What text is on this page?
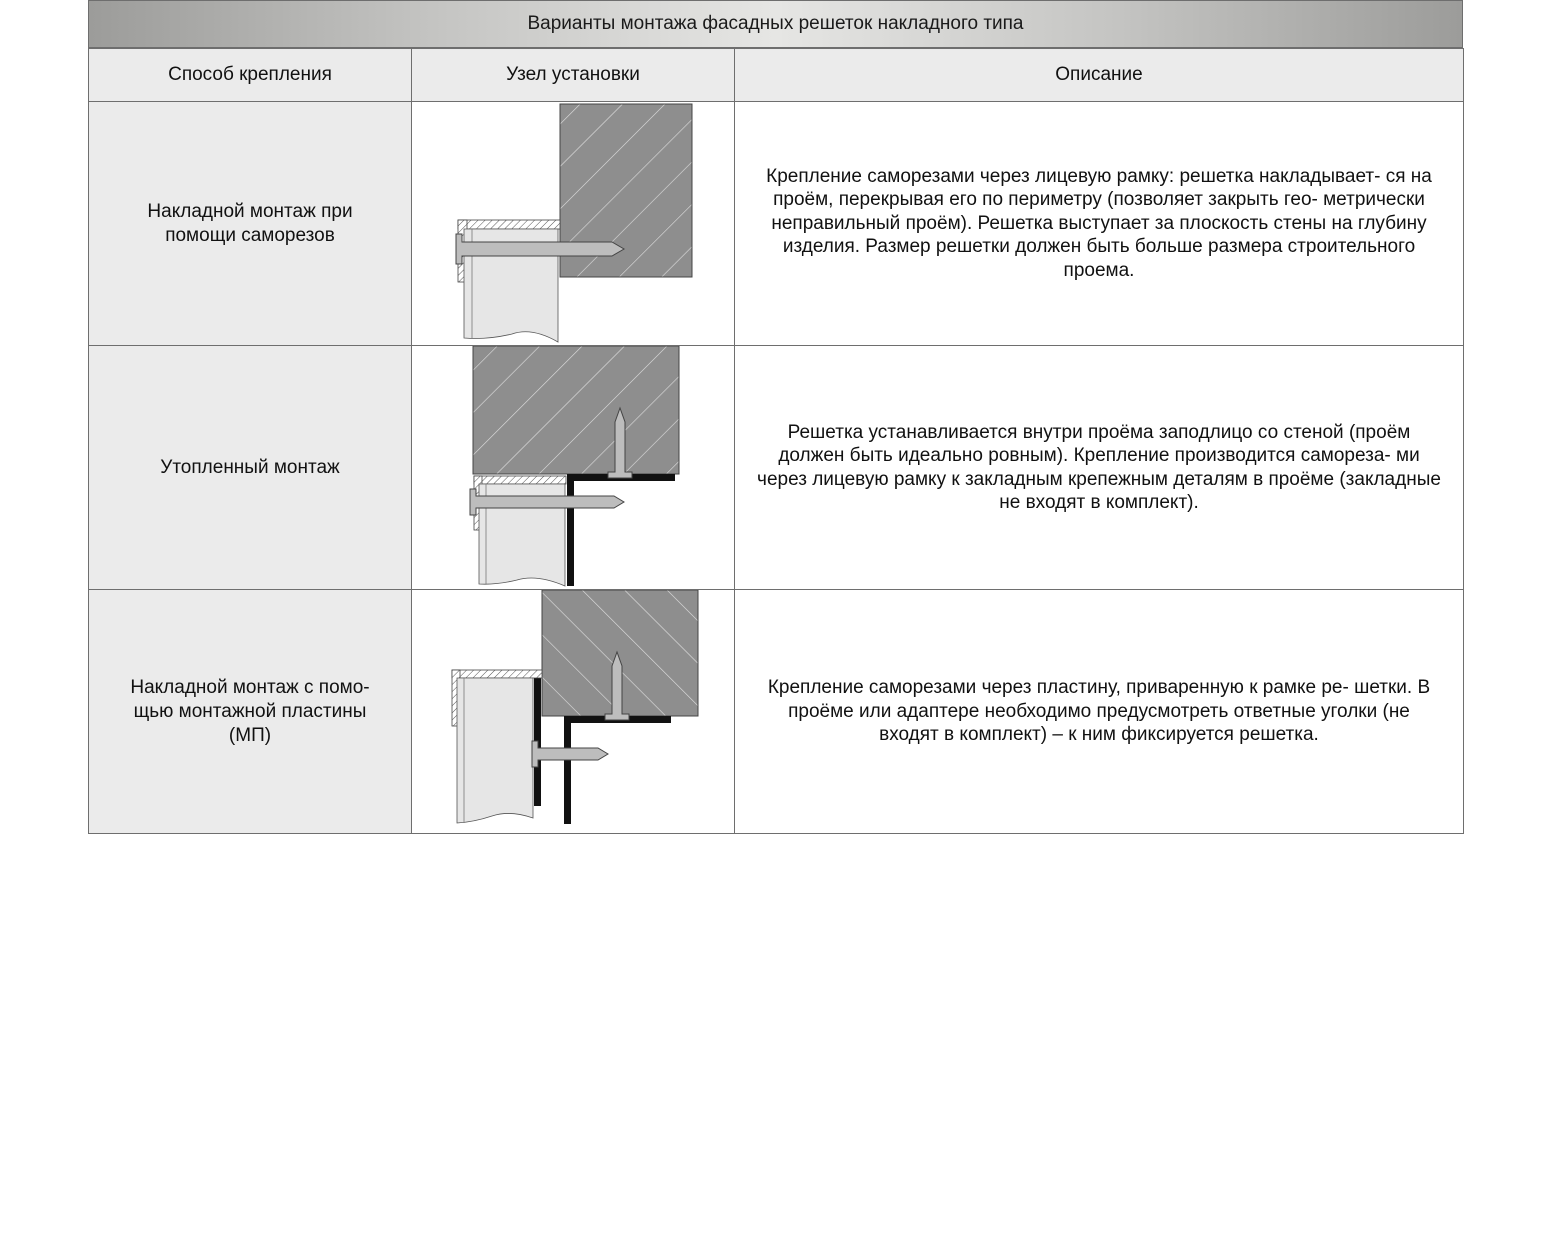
Варианты монтажа фасадных решеток накладного типа
Способ крепления	Узел установки	Описание
Накладной монтаж при помощи саморезов		Крепление саморезами через лицевую рамку: решетка накладывает- ся на проём, перекрывая его по периметру (позволяет закрыть гео- метрически неправильный проём). Решетка выступает за плоскость стены на глубину изделия. Размер решетки должен быть больше размера строительного проема.
Утопленный монтаж		Решетка устанавливается внутри проёма заподлицо со стеной (проём должен быть идеально ровным). Крепление производится самореза- ми через лицевую рамку к закладным крепежным деталям в проёме (закладные не входят в комплект).
Накладной монтаж с помо- щью монтажной пластины (МП)		Крепление саморезами через пластину, приваренную к рамке ре- шетки. В проёме или адаптере необходимо предусмотреть ответные уголки (не входят в комплект) – к ним фиксируется решетка.
